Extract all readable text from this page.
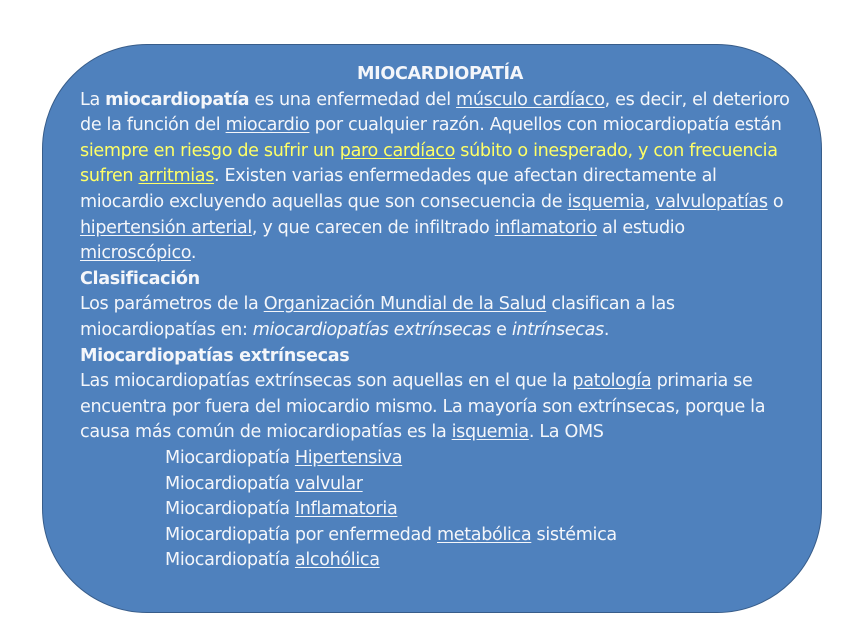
MIOCARDIOPATÍA

La miocardiopatía es una enfermedad del músculo cardíaco, es decir, el deterioro de la función del miocardio por cualquier razón. Aquellos con miocardiopatía están siempre en riesgo de sufrir un paro cardíaco súbito o inesperado, y con frecuencia sufren arritmias. Existen varias enfermedades que afectan directamente al miocardio excluyendo aquellas que son consecuencia de isquemia, valvulopatías o hipertensión arterial, y que carecen de infiltrado inflamatorio al estudio microscópico.

Clasificación

Los parámetros de la Organización Mundial de la Salud clasifican a las miocardiopatías en: miocardiopatías extrínsecas e intrínsecas.

Miocardiopatías extrínsecas

Las miocardiopatías extrínsecas son aquellas en el que la patología primaria se encuentra por fuera del miocardio mismo. La mayoría son extrínsecas, porque la causa más común de miocardiopatías es la isquemia. La OMS

Miocardiopatía Hipertensiva
Miocardiopatía valvular
Miocardiopatía Inflamatoria
Miocardiopatía por enfermedad metabólica sistémica
Miocardiopatía alcohólica
